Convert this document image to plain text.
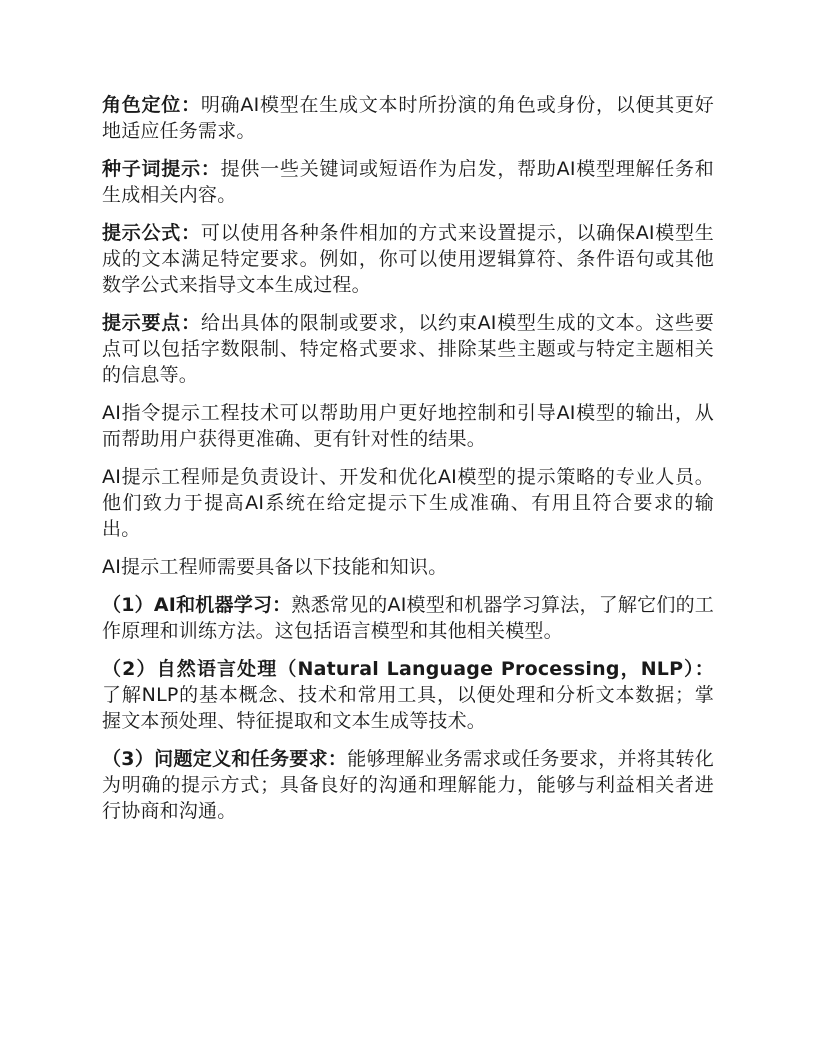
角色定位：明确AI模型在生成文本时所扮演的角色或身份，以便其更好地适应任务需求。

种子词提示：提供一些关键词或短语作为启发，帮助AI模型理解任务和生成相关内容。

提示公式：可以使用各种条件相加的方式来设置提示，以确保AI模型生成的文本满足特定要求。例如，你可以使用逻辑算符、条件语句或其他数学公式来指导文本生成过程。

提示要点：给出具体的限制或要求，以约束AI模型生成的文本。这些要点可以包括字数限制、特定格式要求、排除某些主题或与特定主题相关的信息等。

AI指令提示工程技术可以帮助用户更好地控制和引导AI模型的输出，从而帮助用户获得更准确、更有针对性的结果。

AI提示工程师是负责设计、开发和优化AI模型的提示策略的专业人员。他们致力于提高AI系统在给定提示下生成准确、有用且符合要求的输出。

AI提示工程师需要具备以下技能和知识。

（1）AI和机器学习：熟悉常见的AI模型和机器学习算法，了解它们的工作原理和训练方法。这包括语言模型和其他相关模型。

（2）自然语言处理（Natural Language Processing，NLP）：了解NLP的基本概念、技术和常用工具，以便处理和分析文本数据；掌握文本预处理、特征提取和文本生成等技术。

（3）问题定义和任务要求：能够理解业务需求或任务要求，并将其转化为明确的提示方式；具备良好的沟通和理解能力，能够与利益相关者进行协商和沟通。
